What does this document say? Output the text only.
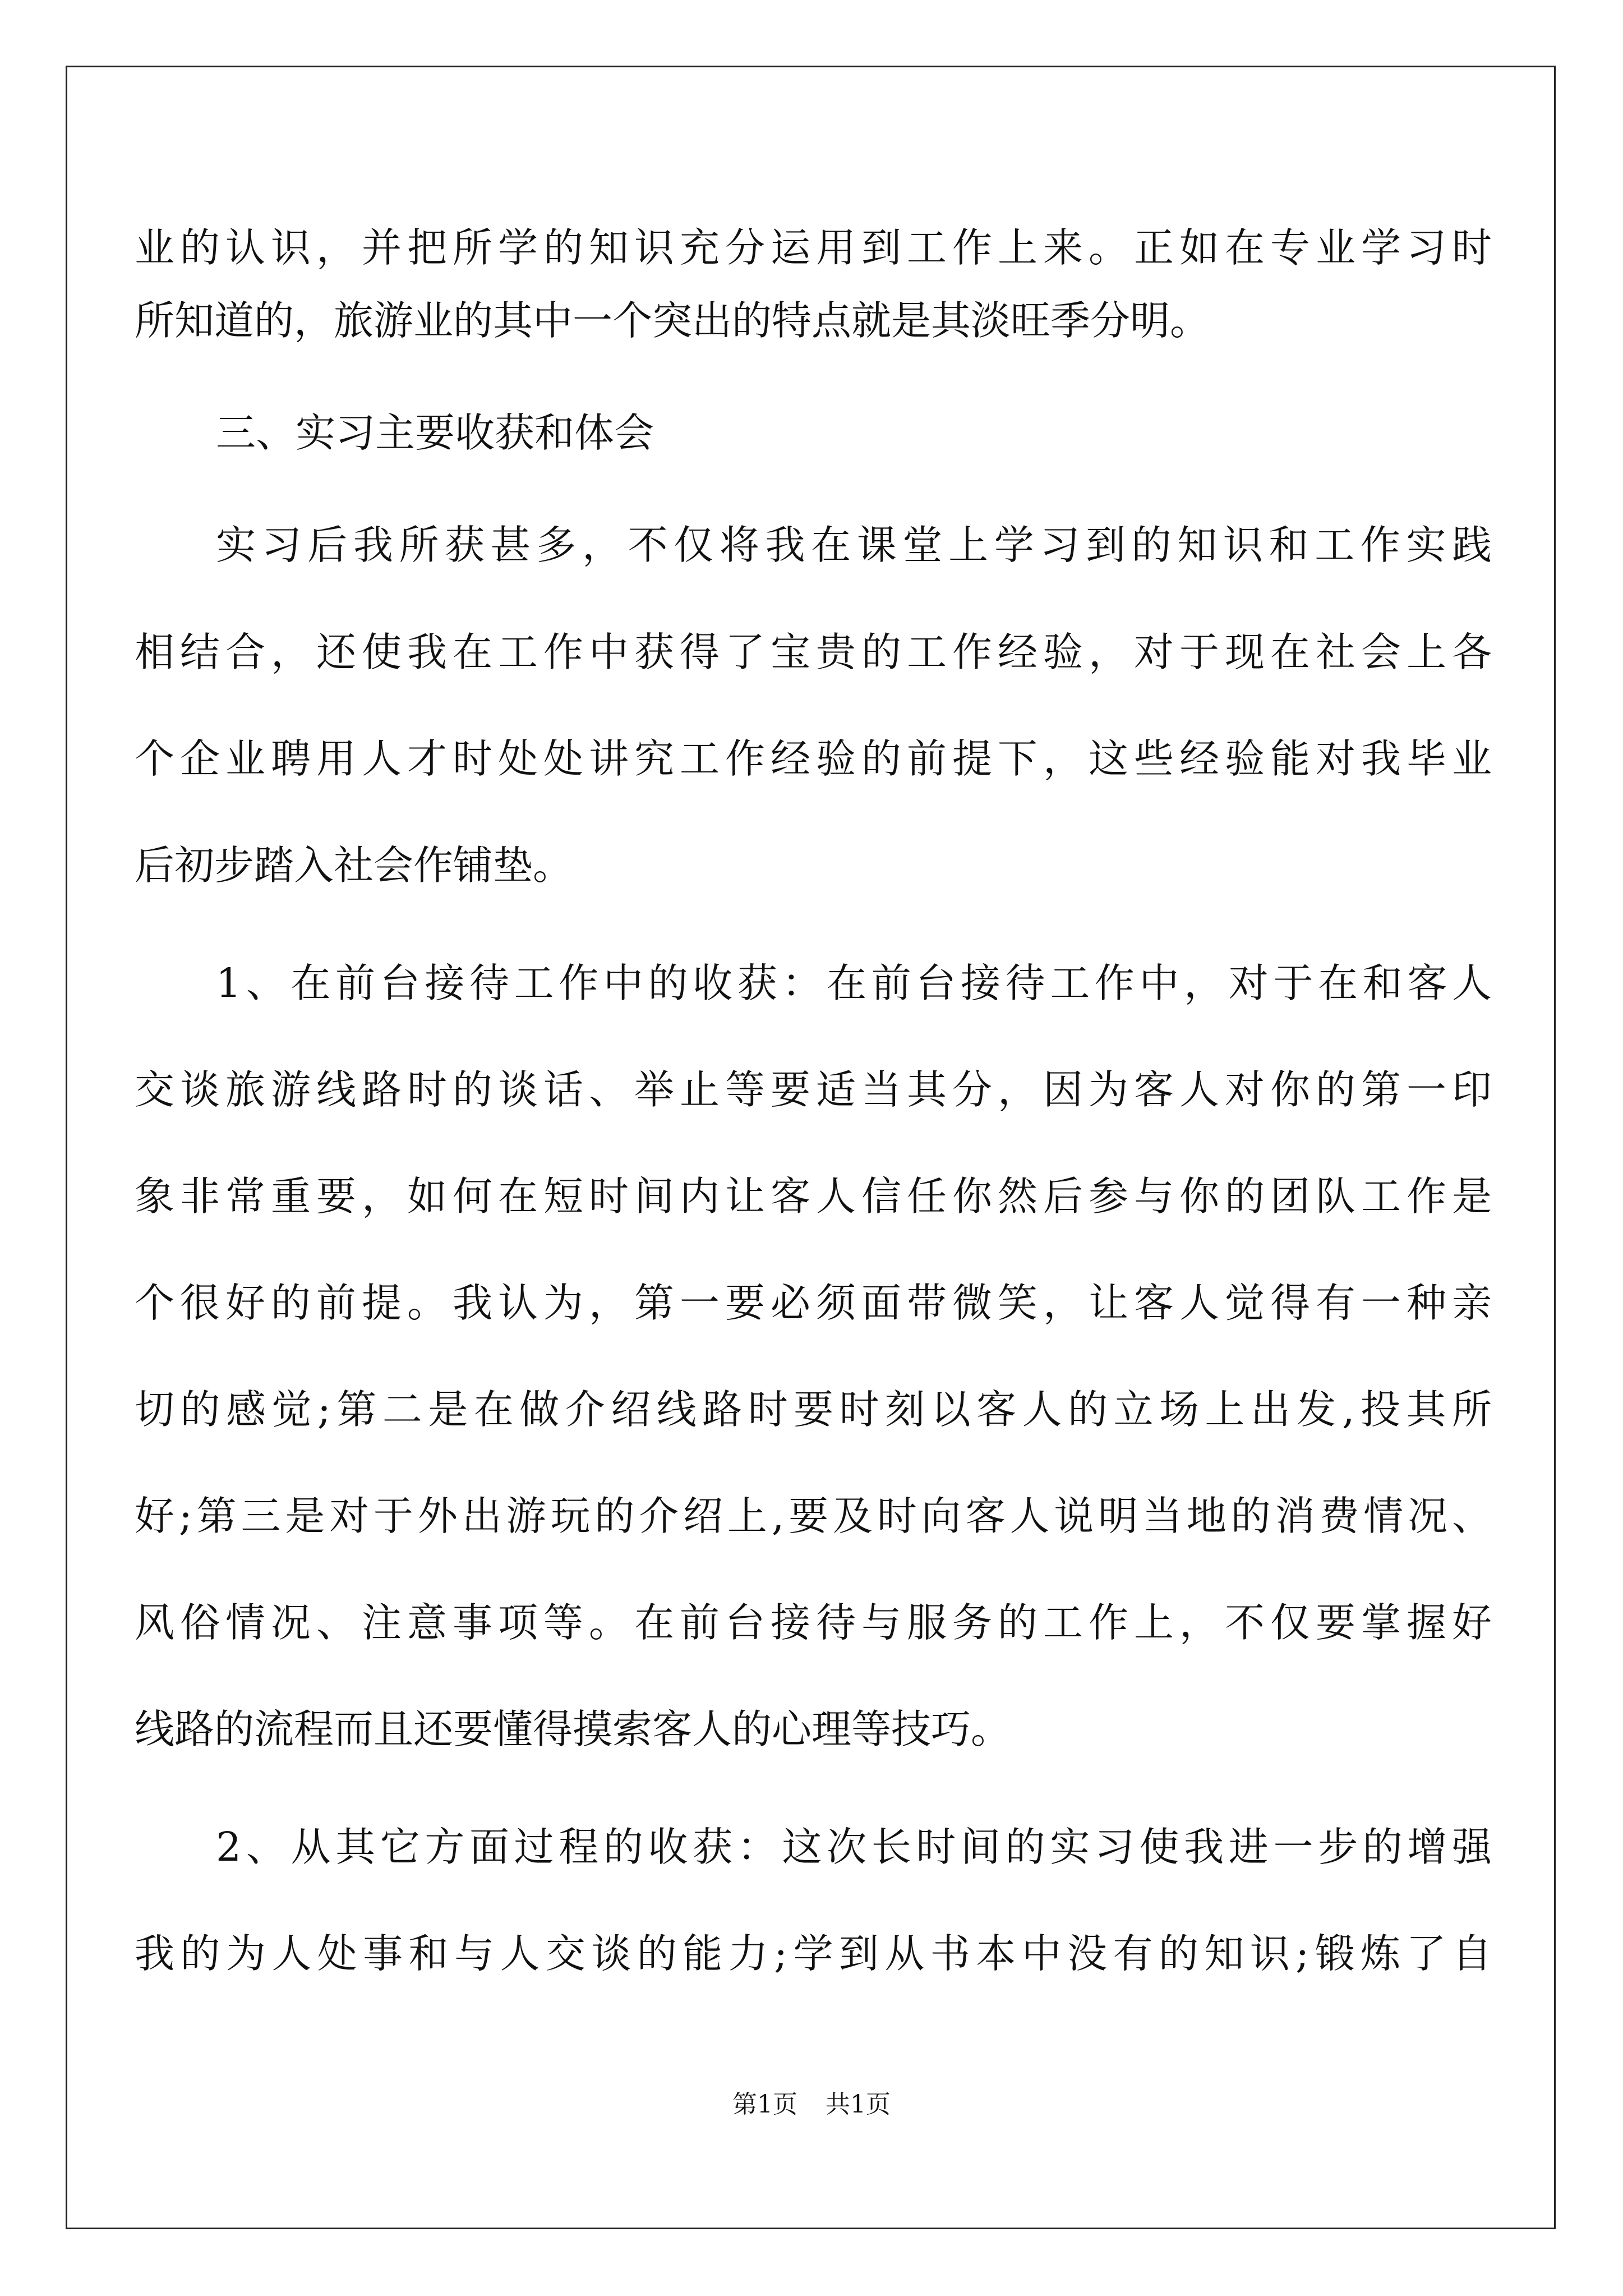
业的认识，并把所学的知识充分运用到工作上来。正如在专业学习时
所知道的，旅游业的其中一个突出的特点就是其淡旺季分明。
三、实习主要收获和体会
实习后我所获甚多，不仅将我在课堂上学习到的知识和工作实践
相结合，还使我在工作中获得了宝贵的工作经验，对于现在社会上各
个企业聘用人才时处处讲究工作经验的前提下，这些经验能对我毕业
后初步踏入社会作铺垫。
1、在前台接待工作中的收获：在前台接待工作中，对于在和客人
交谈旅游线路时的谈话、举止等要适当其分，因为客人对你的第一印
象非常重要，如何在短时间内让客人信任你然后参与你的团队工作是
个很好的前提。我认为，第一要必须面带微笑，让客人觉得有一种亲
切的感觉;第二是在做介绍线路时要时刻以客人的立场上出发,投其所
好;第三是对于外出游玩的介绍上,要及时向客人说明当地的消费情况、
风俗情况、注意事项等。在前台接待与服务的工作上，不仅要掌握好
线路的流程而且还要懂得摸索客人的心理等技巧。
2、从其它方面过程的收获：这次长时间的实习使我进一步的增强
我的为人处事和与人交谈的能力;学到从书本中没有的知识;锻炼了自
第1页 共1页
